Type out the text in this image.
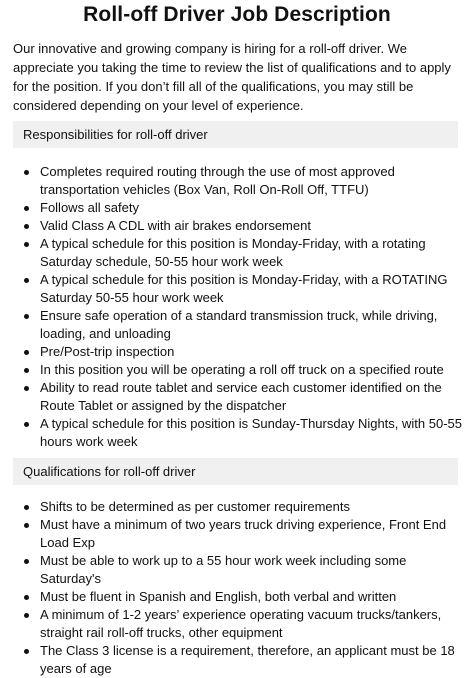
Roll-off Driver Job Description

Our innovative and growing company is hiring for a roll-off driver. We appreciate you taking the time to review the list of qualifications and to apply for the position. If you don’t fill all of the qualifications, you may still be considered depending on your level of experience.

Responsibilities for roll-off driver
Completes required routing through the use of most approved transportation vehicles (Box Van, Roll On-Roll Off, TTFU)
Follows all safety
Valid Class A CDL with air brakes endorsement
A typical schedule for this position is Monday-Friday, with a rotating Saturday schedule, 50-55 hour work week
A typical schedule for this position is Monday-Friday, with a ROTATING Saturday 50-55 hour work week
Ensure safe operation of a standard transmission truck, while driving, loading, and unloading
Pre/Post-trip inspection
In this position you will be operating a roll off truck on a specified route
Ability to read route tablet and service each customer identified on the Route Tablet or assigned by the dispatcher
A typical schedule for this position is Sunday-Thursday Nights, with 50-55 hours work week
Qualifications for roll-off driver
Shifts to be determined as per customer requirements
Must have a minimum of two years truck driving experience, Front End Load Exp
Must be able to work up to a 55 hour work week including some Saturday's
Must be fluent in Spanish and English, both verbal and written
A minimum of 1-2 years’ experience operating vacuum trucks/tankers, straight rail roll-off trucks, other equipment
The Class 3 license is a requirement, therefore, an applicant must be 18 years of age
